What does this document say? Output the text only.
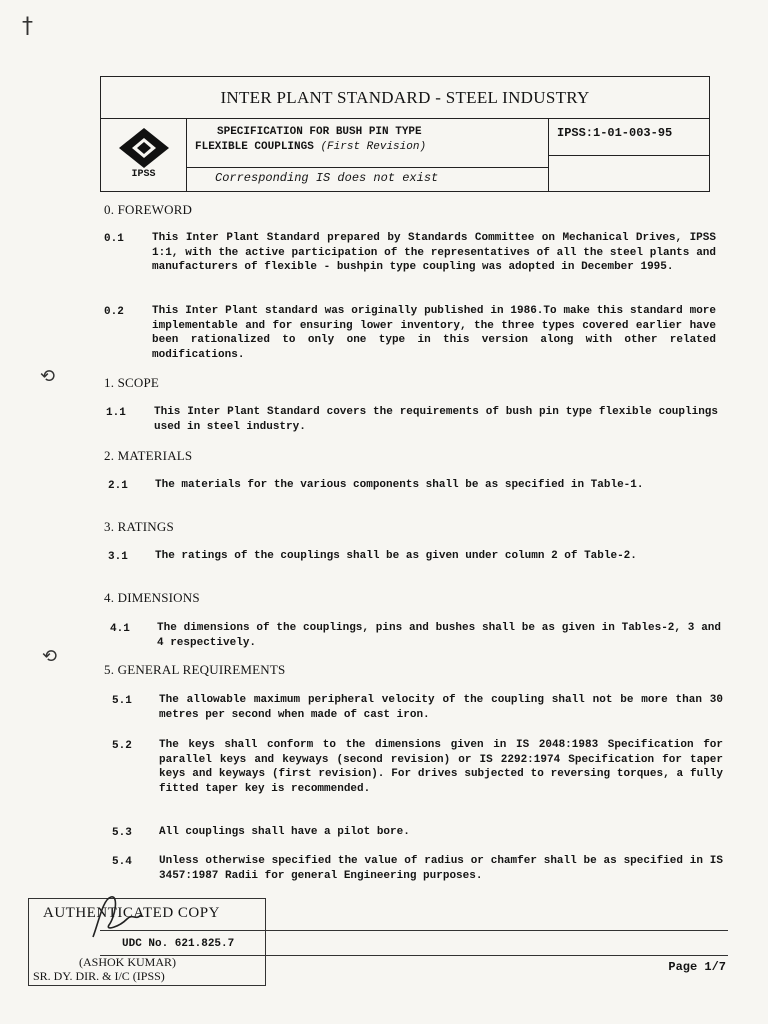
†
⟲
⟲
INTER PLANT STANDARD - STEEL INDUSTRY
IPSS
SPECIFICATION FOR BUSH PIN TYPE
FLEXIBLE COUPLINGS (First Revision)
Corresponding IS does not exist
IPSS:1-01-003-95
0. FOREWORD
0.1	This Inter Plant Standard prepared by Standards Committee on Mechanical Drives, IPSS 1:1, with the active participation of the representatives of all the steel plants and manufacturers of flexible - bushpin type coupling was adopted in December 1995.
0.2	This Inter Plant standard was originally published in 1986.To make this standard more implementable and for ensuring lower inventory, the three types covered earlier have been rationalized to only one type in this version along with other related modifications.
1. SCOPE
1.1	This Inter Plant Standard covers the requirements of bush pin type flexible couplings used in steel industry.
2. MATERIALS
2.1 The materials for the various components shall be as specified in Table-1.
3. RATINGS
3.1 The ratings of the couplings shall be as given under column 2 of Table-2.
4. DIMENSIONS
4.1 The dimensions of the couplings, pins and bushes shall be as given in Tables-2, 3 and 4 respectively.
5. GENERAL REQUIREMENTS
5.1 The allowable maximum peripheral velocity of the coupling shall not be more than 30 metres per second when made of cast iron.
5.2 The keys shall conform to the dimensions given in IS 2048:1983 Specification for parallel keys and keyways (second revision) or IS 2292:1974 Specification for taper keys and keyways (first revision). For drives subjected to reversing torques, a fully fitted taper key is recommended.
5.3 All couplings shall have a pilot bore.
5.4 Unless otherwise specified the value of radius or chamfer shall be as specified in IS 3457:1987 Radii for general Engineering purposes.
AUTHENTICATED COPY
(ASHOK KUMAR)
SR. DY. DIR. & I/C (IPSS)
UDC No. 621.825.7
Page 1/7
